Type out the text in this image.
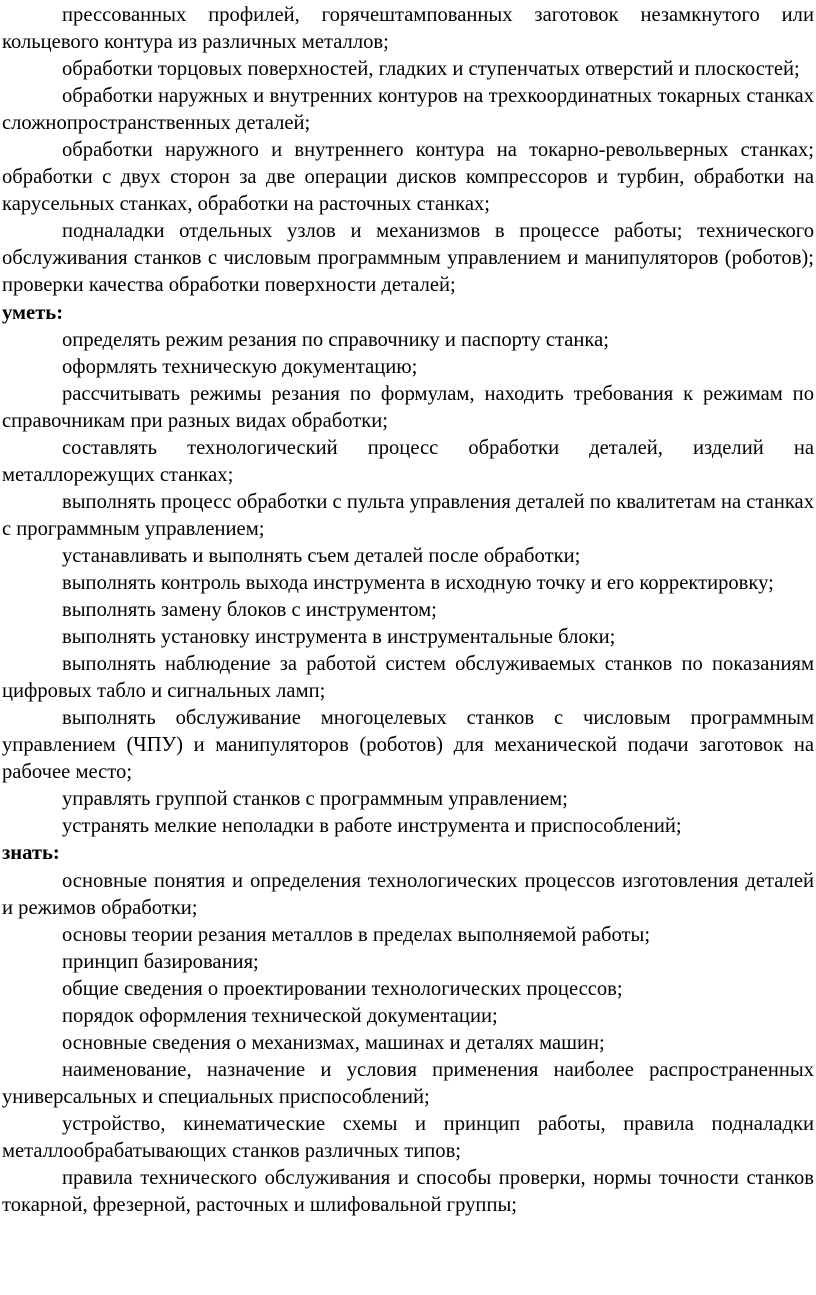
прессованных профилей, горячештампованных заготовок незамкнутого или кольцевого контура из различных металлов;
обработки торцовых поверхностей, гладких и ступенчатых отверстий и плоскостей;
обработки наружных и внутренних контуров на трехкоординатных токарных станках сложнопространственных деталей;
обработки наружного и внутреннего контура на токарно-револьверных станках; обработки с двух сторон за две операции дисков компрессоров и турбин, обработки на карусельных станках, обработки на расточных станках;
подналадки отдельных узлов и механизмов в процессе работы; технического обслуживания станков с числовым программным управлением и манипуляторов (роботов); проверки качества обработки поверхности деталей;
уметь:
определять режим резания по справочнику и паспорту станка;
оформлять техническую документацию;
рассчитывать режимы резания по формулам, находить требования к режимам по справочникам при разных видах обработки;
составлять технологический процесс обработки деталей, изделий на металлорежущих станках;
выполнять процесс обработки с пульта управления деталей по квалитетам на станках с программным управлением;
устанавливать и выполнять съем деталей после обработки;
выполнять контроль выхода инструмента в исходную точку и его корректировку;
выполнять замену блоков с инструментом;
выполнять установку инструмента в инструментальные блоки;
выполнять наблюдение за работой систем обслуживаемых станков по показаниям цифровых табло и сигнальных ламп;
выполнять обслуживание многоцелевых станков с числовым программным управлением (ЧПУ) и манипуляторов (роботов) для механической подачи заготовок на рабочее место;
управлять группой станков с программным управлением;
устранять мелкие неполадки в работе инструмента и приспособлений;
знать:
основные понятия и определения технологических процессов изготовления деталей и режимов обработки;
основы теории резания металлов в пределах выполняемой работы;
принцип базирования;
общие сведения о проектировании технологических процессов;
порядок оформления технической документации;
основные сведения о механизмах, машинах и деталях машин;
наименование, назначение и условия применения наиболее распространенных универсальных и специальных приспособлений;
устройство, кинематические схемы и принцип работы, правила подналадки металлообрабатывающих станков различных типов;
правила технического обслуживания и способы проверки, нормы точности станков токарной, фрезерной, расточных и шлифовальной группы;
